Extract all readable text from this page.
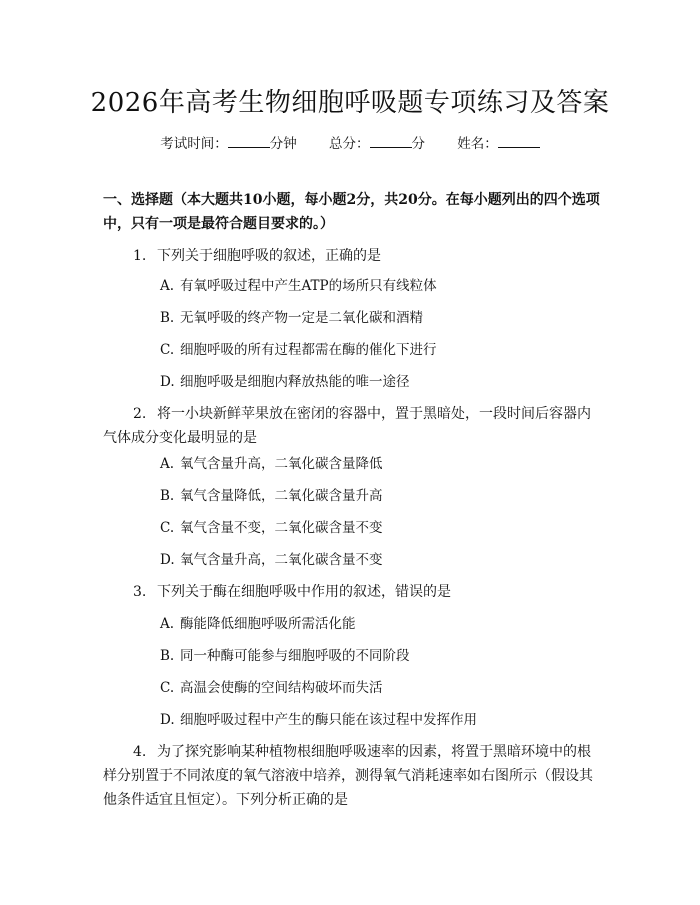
2026年高考生物细胞呼吸题专项练习及答案
考试时间：	分钟 总分：	分 姓名：
一、选择题（本大题共10小题，每小题2分，共20分。在每小题列出的四个选项中，只有一项是最符合题目要求的。）
1. 下列关于细胞呼吸的叙述，正确的是
A. 有氧呼吸过程中产生ATP的场所只有线粒体
B. 无氧呼吸的终产物一定是二氧化碳和酒精
C. 细胞呼吸的所有过程都需在酶的催化下进行
D. 细胞呼吸是细胞内释放热能的唯一途径
2. 将一小块新鲜苹果放在密闭的容器中，置于黑暗处，一段时间后容器内气体成分变化最明显的是
A. 氧气含量升高，二氧化碳含量降低
B. 氧气含量降低，二氧化碳含量升高
C. 氧气含量不变，二氧化碳含量不变
D. 氧气含量升高，二氧化碳含量不变
3. 下列关于酶在细胞呼吸中作用的叙述，错误的是
A. 酶能降低细胞呼吸所需活化能
B. 同一种酶可能参与细胞呼吸的不同阶段
C. 高温会使酶的空间结构破坏而失活
D. 细胞呼吸过程中产生的酶只能在该过程中发挥作用
4. 为了探究影响某种植物根细胞呼吸速率的因素，将置于黑暗环境中的根样分别置于不同浓度的氧气溶液中培养，测得氧气消耗速率如右图所示（假设其他条件适宜且恒定）。下列分析正确的是
